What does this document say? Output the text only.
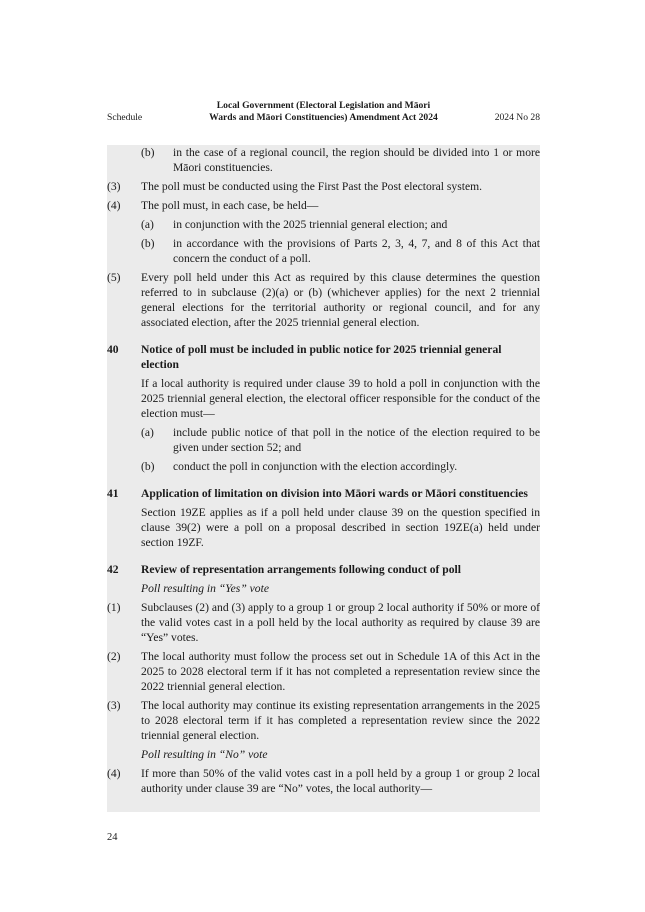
Schedule
Local Government (Electoral Legislation and Māori
Wards and Māori Constituencies) Amendment Act 2024	2024 No 28
(b)	in the case of a regional council, the region should be divided into 1 or more Māori constituencies.
(3)	The poll must be conducted using the First Past the Post electoral system.
(4)	The poll must, in each case, be held—
(a)	in conjunction with the 2025 triennial general election; and
(b)	in accordance with the provisions of Parts 2, 3, 4, 7, and 8 of this Act that concern the conduct of a poll.
(5)	Every poll held under this Act as required by this clause determines the question referred to in subclause (2)(a) or (b) (whichever applies) for the next 2 triennial general elections for the territorial authority or regional council, and for any associated election, after the 2025 triennial general election.
40	Notice of poll must be included in public notice for 2025 triennial general election
If a local authority is required under clause 39 to hold a poll in conjunction with the 2025 triennial general election, the electoral officer responsible for the conduct of the election must—
(a)	include public notice of that poll in the notice of the election required to be given under section 52; and
(b)	conduct the poll in conjunction with the election accordingly.
41	Application of limitation on division into Māori wards or Māori constituencies
Section 19ZE applies as if a poll held under clause 39 on the question specified in clause 39(2) were a poll on a proposal described in section 19ZE(a) held under section 19ZF.
42	Review of representation arrangements following conduct of poll
Poll resulting in “Yes” vote
(1)	Subclauses (2) and (3) apply to a group 1 or group 2 local authority if 50% or more of the valid votes cast in a poll held by the local authority as required by clause 39 are “Yes” votes.
(2)	The local authority must follow the process set out in Schedule 1A of this Act in the 2025 to 2028 electoral term if it has not completed a representation review since the 2022 triennial general election.
(3)	The local authority may continue its existing representation arrangements in the 2025 to 2028 electoral term if it has completed a representation review since the 2022 triennial general election.
Poll resulting in “No” vote
(4)	If more than 50% of the valid votes cast in a poll held by a group 1 or group 2 local authority under clause 39 are “No” votes, the local authority—
24
